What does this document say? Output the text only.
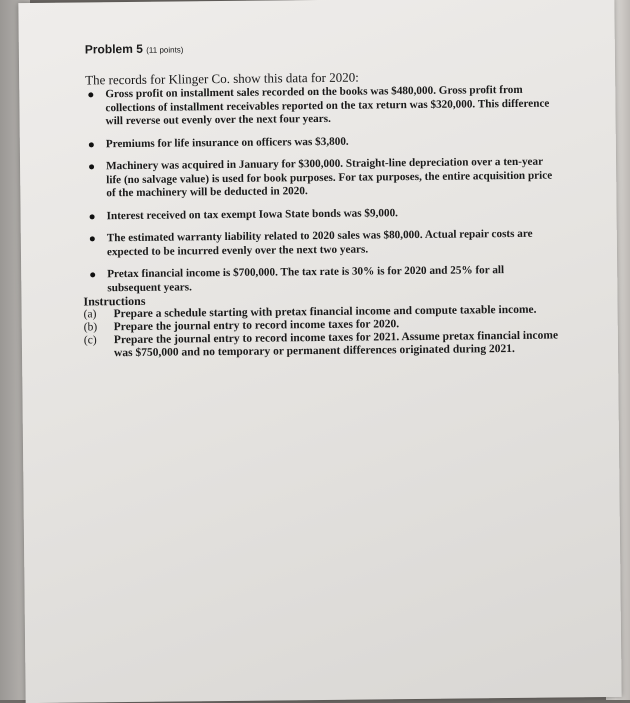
Problem 5 (11 points)
The records for Klinger Co. show this data for 2020:
Gross profit on installment sales recorded on the books was $480,000. Gross profit from collections of installment receivables reported on the tax return was $320,000. This difference will reverse out evenly over the next four years.
Premiums for life insurance on officers was $3,800.
Machinery was acquired in January for $300,000. Straight-line depreciation over a ten-year life (no salvage value) is used for book purposes. For tax purposes, the entire acquisition price of the machinery will be deducted in 2020.
Interest received on tax exempt Iowa State bonds was $9,000.
The estimated warranty liability related to 2020 sales was $80,000. Actual repair costs are expected to be incurred evenly over the next two years.
Pretax financial income is $700,000. The tax rate is 30% is for 2020 and 25% for all subsequent years.
Instructions
(a) Prepare a schedule starting with pretax financial income and compute taxable income.
(b) Prepare the journal entry to record income taxes for 2020.
(c) Prepare the journal entry to record income taxes for 2021. Assume pretax financial income was $750,000 and no temporary or permanent differences originated during 2021.
